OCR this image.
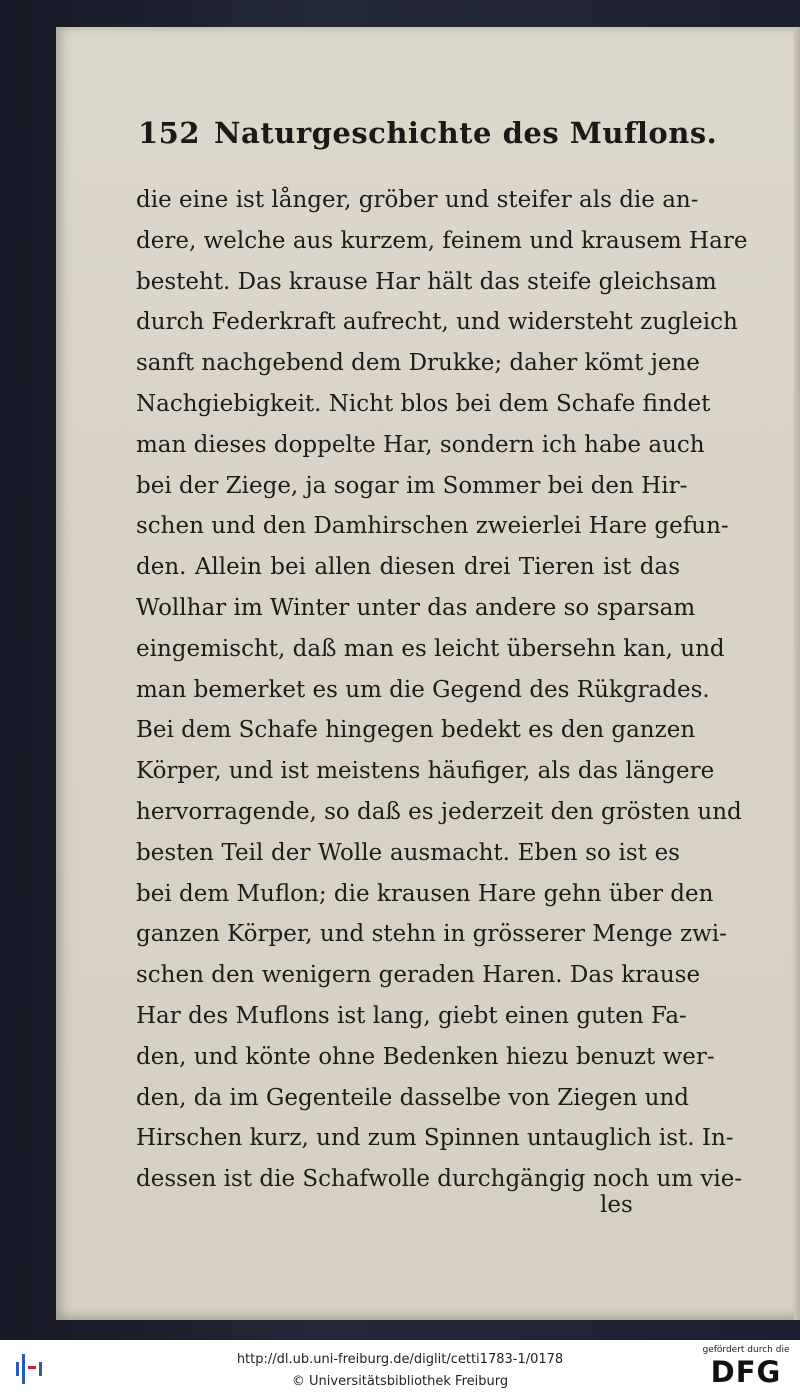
152 Naturgeschichte des Muflons.
die eine ist långer, gröber und steifer als die an-
dere, welche aus kurzem, feinem und krausem Hare
besteht. Das krause Har hält das steife gleichsam
durch Federkraft aufrecht, und widersteht zugleich
sanft nachgebend dem Drukke; daher kömt jene
Nachgiebigkeit. Nicht blos bei dem Schafe findet
man dieses doppelte Har, sondern ich habe auch
bei der Ziege, ja sogar im Sommer bei den Hir-
schen und den Damhirschen zweierlei Hare gefun-
den. Allein bei allen diesen drei Tieren ist das
Wollhar im Winter unter das andere so sparsam
eingemischt, daß man es leicht übersehn kan, und
man bemerket es um die Gegend des Rükgrades.
Bei dem Schafe hingegen bedekt es den ganzen
Körper, und ist meistens häufiger, als das längere
hervorragende, so daß es jederzeit den grösten und
besten Teil der Wolle ausmacht. Eben so ist es
bei dem Muflon; die krausen Hare gehn über den
ganzen Körper, und stehn in grösserer Menge zwi-
schen den wenigern geraden Haren. Das krause
Har des Muflons ist lang, giebt einen guten Fa-
den, und könte ohne Bedenken hiezu benuzt wer-
den, da im Gegenteile dasselbe von Ziegen und
Hirschen kurz, und zum Spinnen untauglich ist. In-
dessen ist die Schafwolle durchgängig noch um vie-
les
http://dl.ub.uni-freiburg.de/diglit/cetti1783-1/0178
© Universitätsbibliothek Freiburg
gefördert durch die
DFG
